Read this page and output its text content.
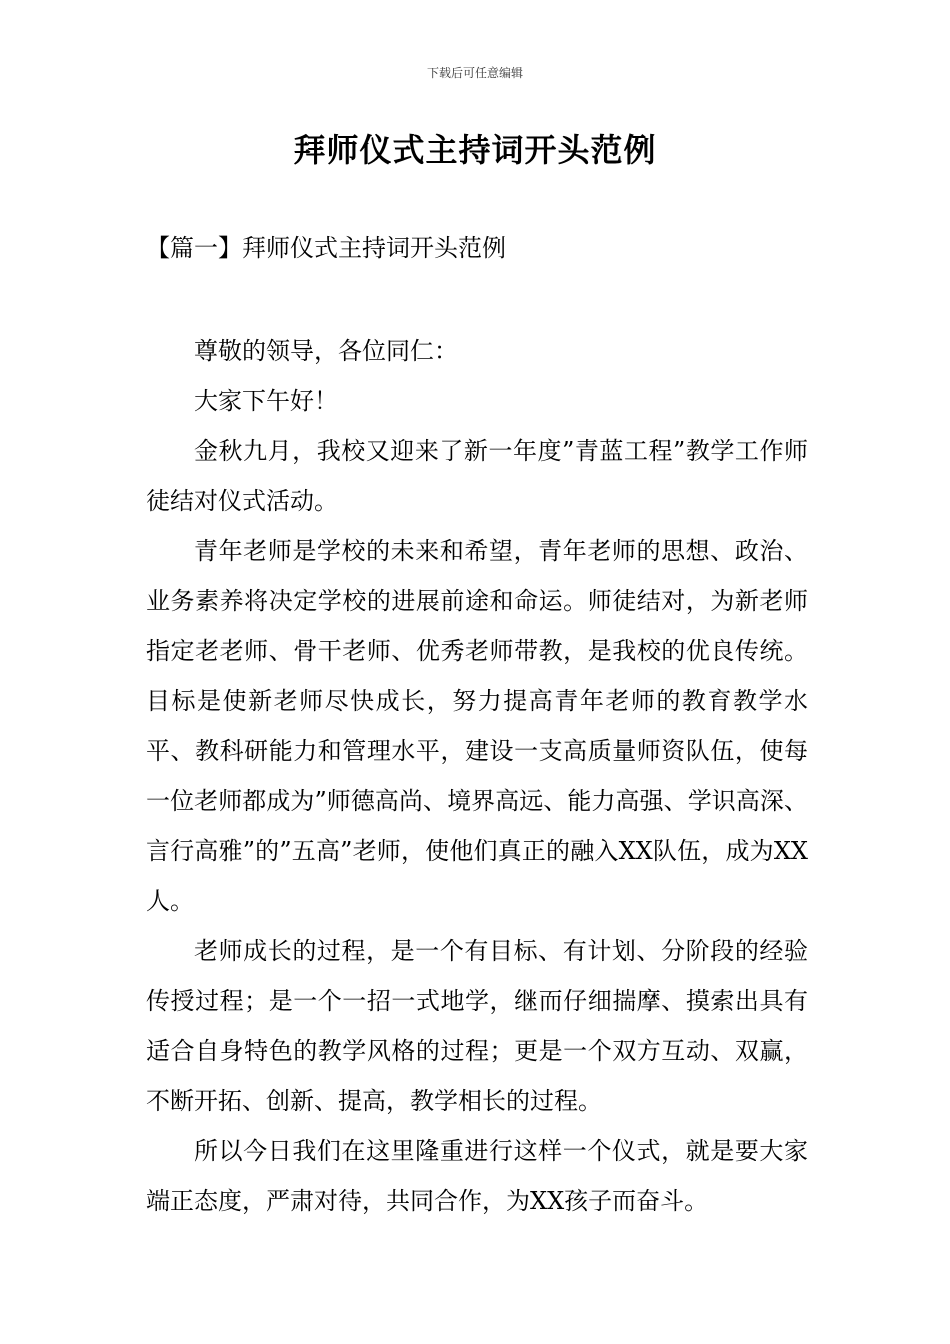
下载后可任意编辑
拜师仪式主持词开头范例
【篇一】拜师仪式主持词开头范例

尊敬的领导，各位同仁：

大家下午好！

金秋九月，我校又迎来了新一年度”青蓝工程”教学工作师徒结对仪式活动。

青年老师是学校的未来和希望，青年老师的思想、政治、业务素养将决定学校的进展前途和命运。师徒结对，为新老师指定老老师、骨干老师、优秀老师带教，是我校的优良传统。目标是使新老师尽快成长，努力提高青年老师的教育教学水平、教科研能力和管理水平，建设一支高质量师资队伍，使每一位老师都成为”师德高尚、境界高远、能力高强、学识高深、言行高雅”的”五高”老师，使他们真正的融入XX队伍，成为XX人。

老师成长的过程，是一个有目标、有计划、分阶段的经验传授过程；是一个一招一式地学，继而仔细揣摩、摸索出具有适合自身特色的教学风格的过程；更是一个双方互动、双赢，不断开拓、创新、提高，教学相长的过程。

所以今日我们在这里隆重进行这样一个仪式，就是要大家端正态度，严肃对待，共同合作，为XX孩子而奋斗。
